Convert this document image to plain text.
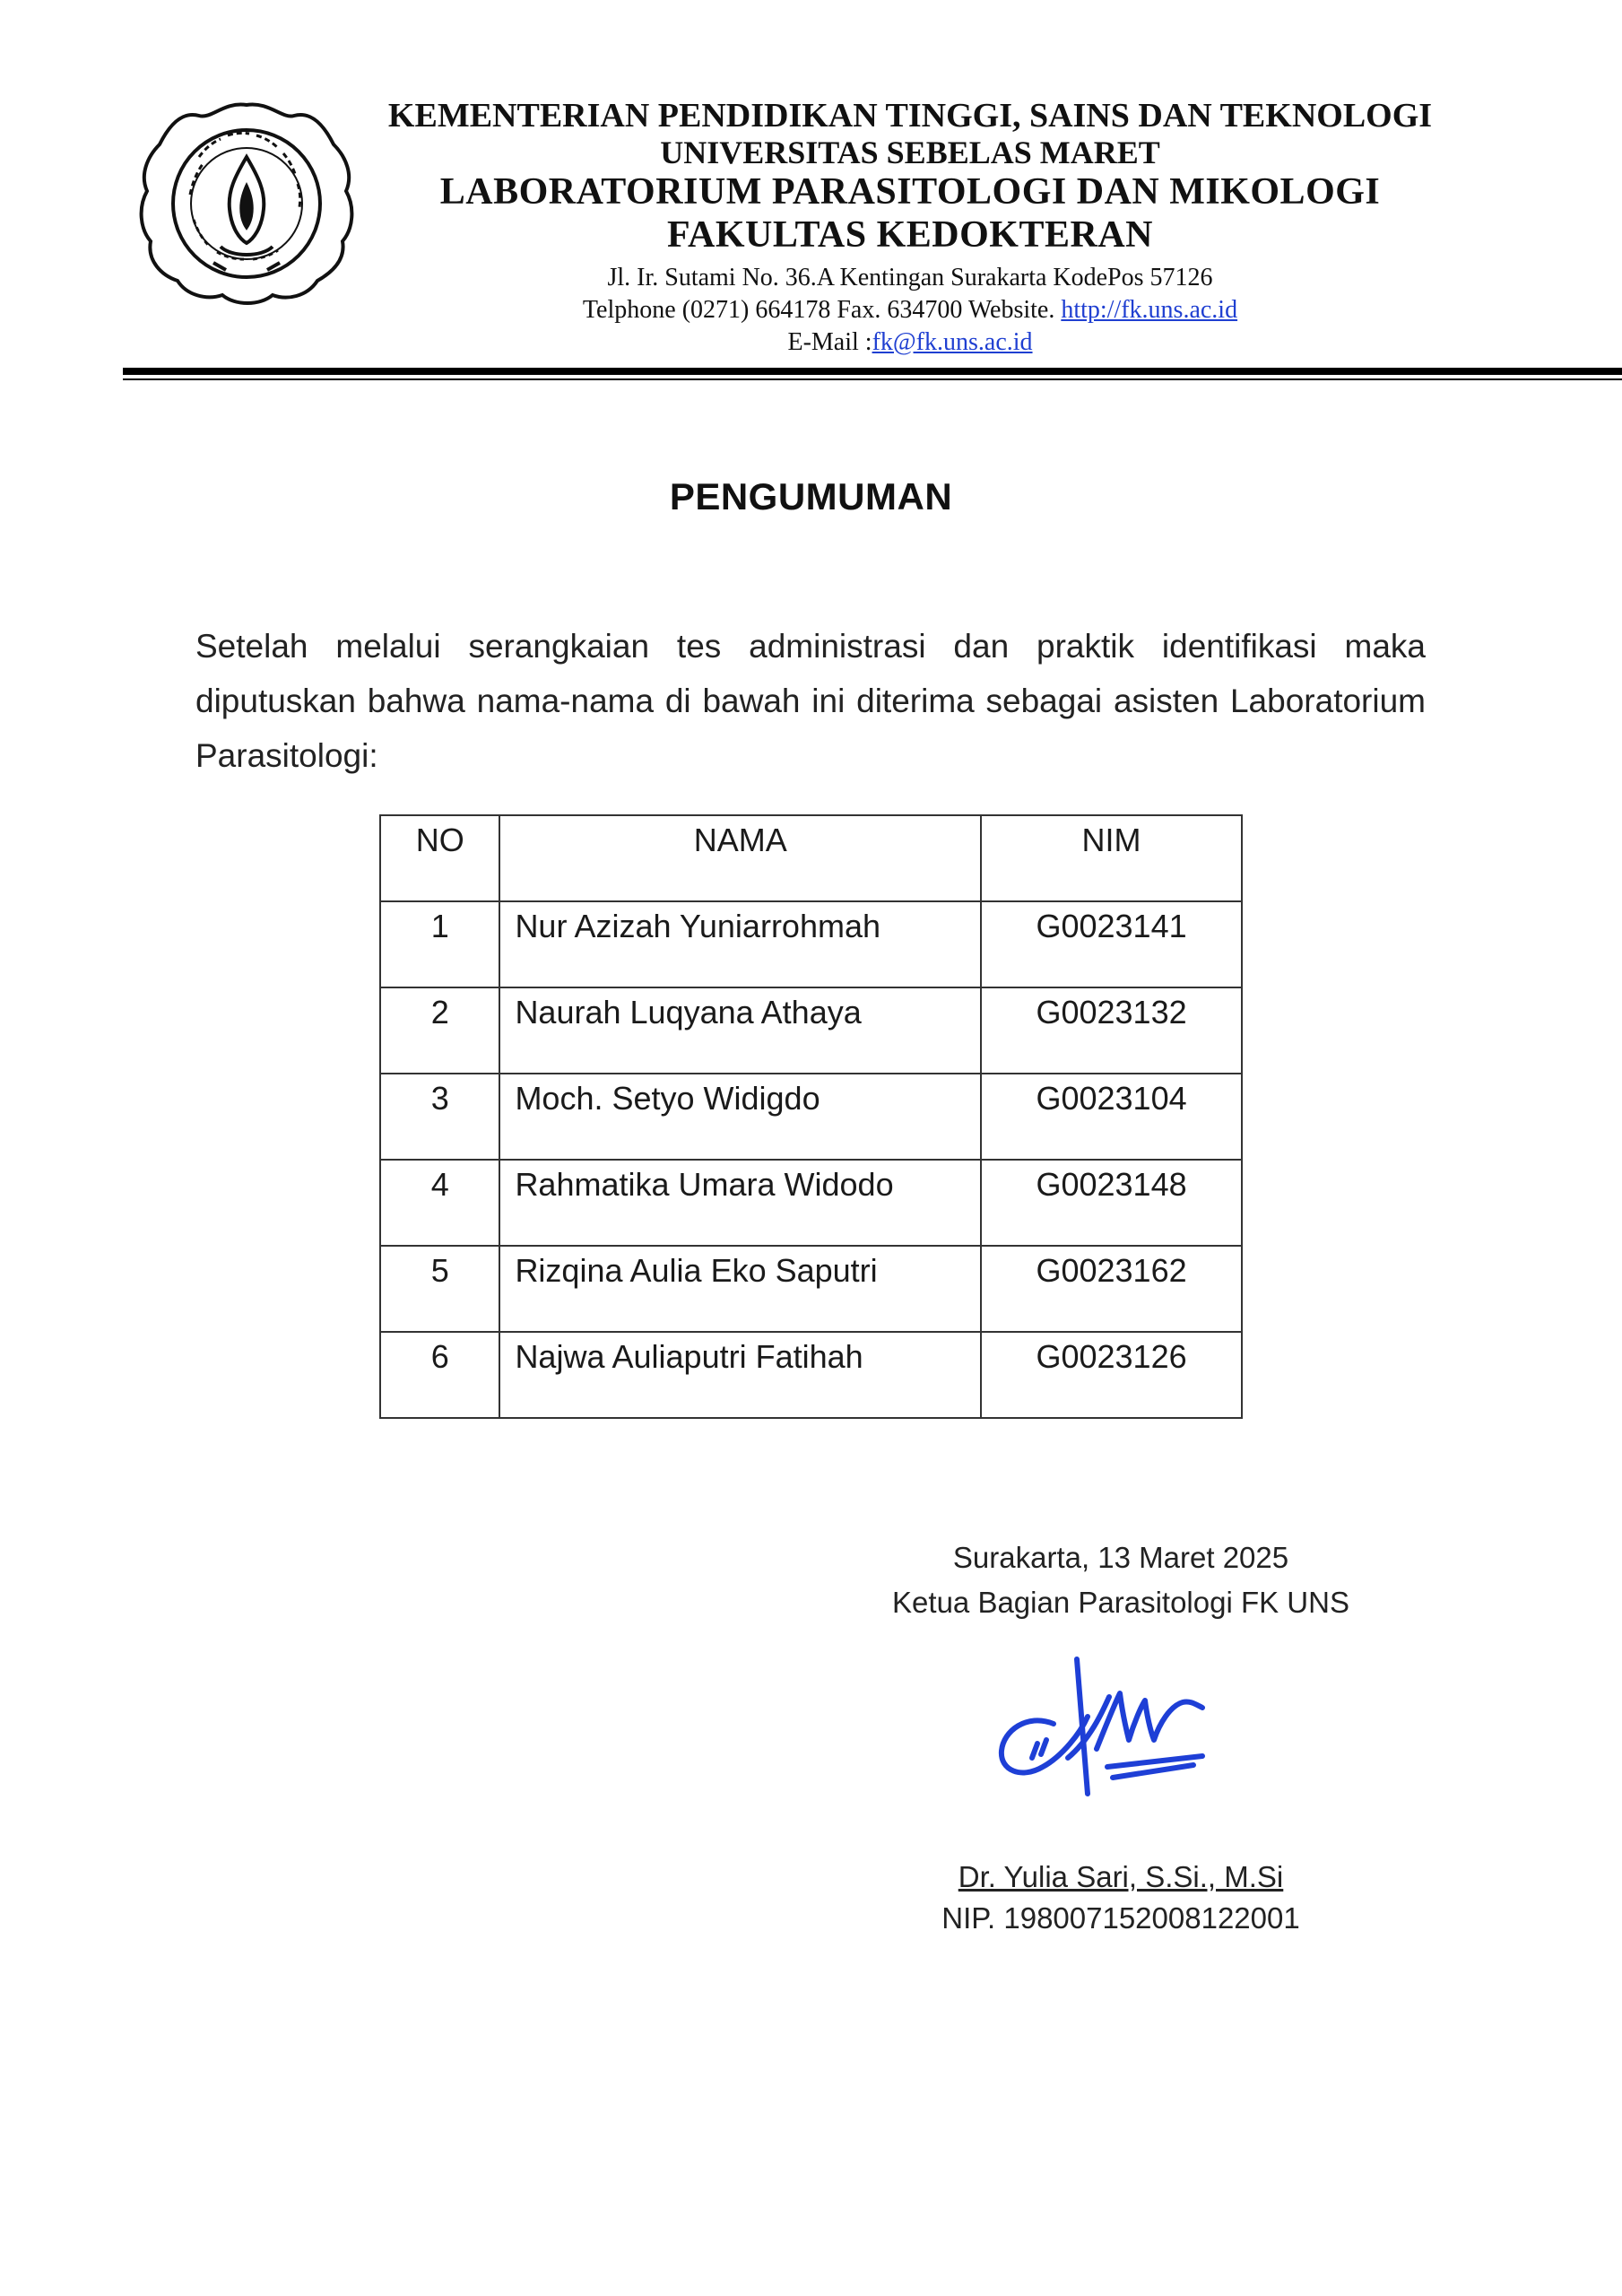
KEMENTERIAN PENDIDIKAN TINGGI, SAINS DAN TEKNOLOGI
UNIVERSITAS SEBELAS MARET
LABORATORIUM PARASITOLOGI DAN MIKOLOGI
FAKULTAS KEDOKTERAN
Jl. Ir. Sutami No. 36.A Kentingan Surakarta KodePos 57126
Telphone (0271) 664178 Fax. 634700 Website. http://fk.uns.ac.id
E-Mail :fk@fk.uns.ac.id
PENGUMUMAN
Setelah melalui serangkaian tes administrasi dan praktik identifikasi maka diputuskan bahwa nama-nama di bawah ini diterima sebagai asisten Laboratorium Parasitologi:
NO	NAMA	NIM
1	Nur Azizah Yuniarrohmah	G0023141
2	Naurah Luqyana Athaya	G0023132
3	Moch. Setyo Widigdo	G0023104
4	Rahmatika Umara Widodo	G0023148
5	Rizqina Aulia Eko Saputri	G0023162
6	Najwa Auliaputri Fatihah	G0023126
Surakarta, 13 Maret 2025
Ketua Bagian Parasitologi FK UNS
Dr. Yulia Sari, S.Si., M.Si
NIP. 198007152008122001
